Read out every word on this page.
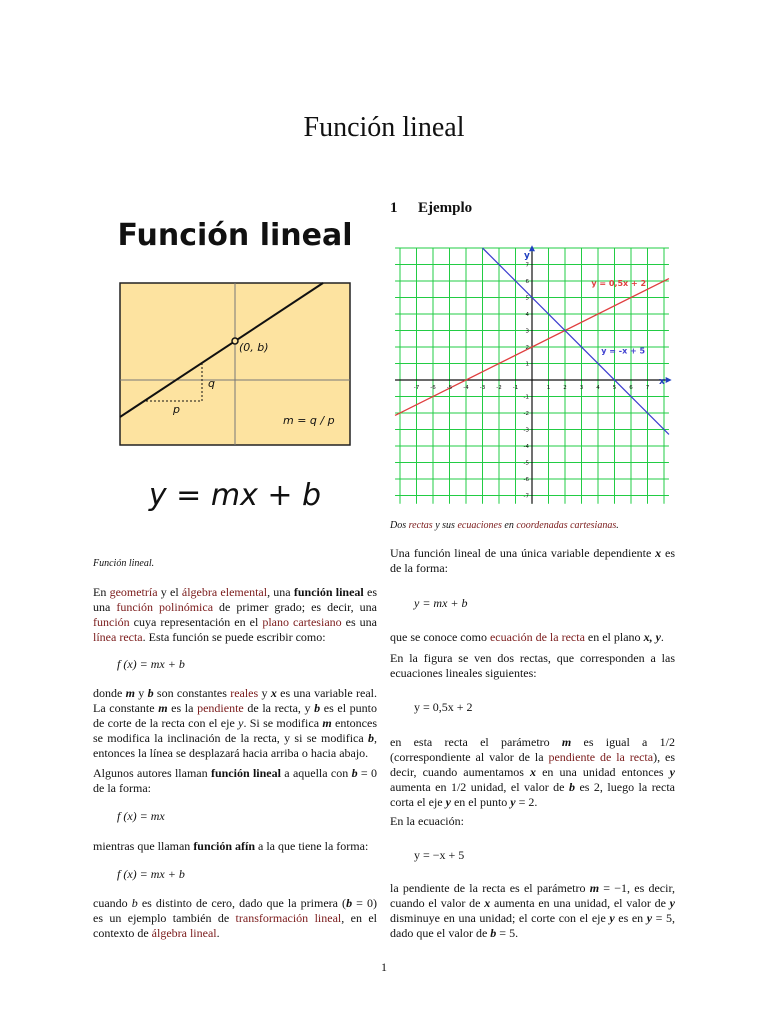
Función lineal
Función lineal
(0, b)
q
p
m = q / p
y = mx + b
Función lineal.

En geometría y el álgebra elemental, una función lineal es una función polinómica de primer grado; es decir, una función cuya representación en el plano cartesiano es una línea recta. Esta función se puede escribir como:

f (x) = mx + b

donde m y b son constantes reales y x es una variable real. La constante m es la pendiente de la recta, y b es el punto de corte de la recta con el eje y. Si se modifica m entonces se modifica la inclinación de la recta, y si se modifica b, entonces la línea se desplazará hacia arriba o hacia abajo.

Algunos autores llaman función lineal a aquella con b = 0 de la forma:

f (x) = mx

mientras que llaman función afín a la que tiene la forma:

f (x) = mx + b

cuando b es distinto de cero, dado que la primera (b = 0) es un ejemplo también de transformación lineal, en el contexto de álgebra lineal.

1 Ejemplo
-7 -6 -5 -4 -3 -2 -1	1 2 3 4 5 6 7
7
6
5
4
3
2
1
-1
-2
-3
-4
-5
-6
-7
y = 0,5x + 2
y = -x + 5
x
y

Dos rectas y sus ecuaciones en coordenadas cartesianas.

Una función lineal de una única variable dependiente x es de la forma:

y = mx + b

que se conoce como ecuación de la recta en el plano x, y.

En la figura se ven dos rectas, que corresponden a las ecuaciones lineales siguientes:

y = 0,5x + 2

en esta recta el parámetro m es igual a 1/2 (correspondiente al valor de la pendiente de la recta), es decir, cuando aumentamos x en una unidad entonces y aumenta en 1/2 unidad, el valor de b es 2, luego la recta corta el eje y en el punto y = 2.

En la ecuación:

y = −x + 5

la pendiente de la recta es el parámetro m = −1, es decir, cuando el valor de x aumenta en una unidad, el valor de y disminuye en una unidad; el corte con el eje y es en y = 5, dado que el valor de b = 5.

1
